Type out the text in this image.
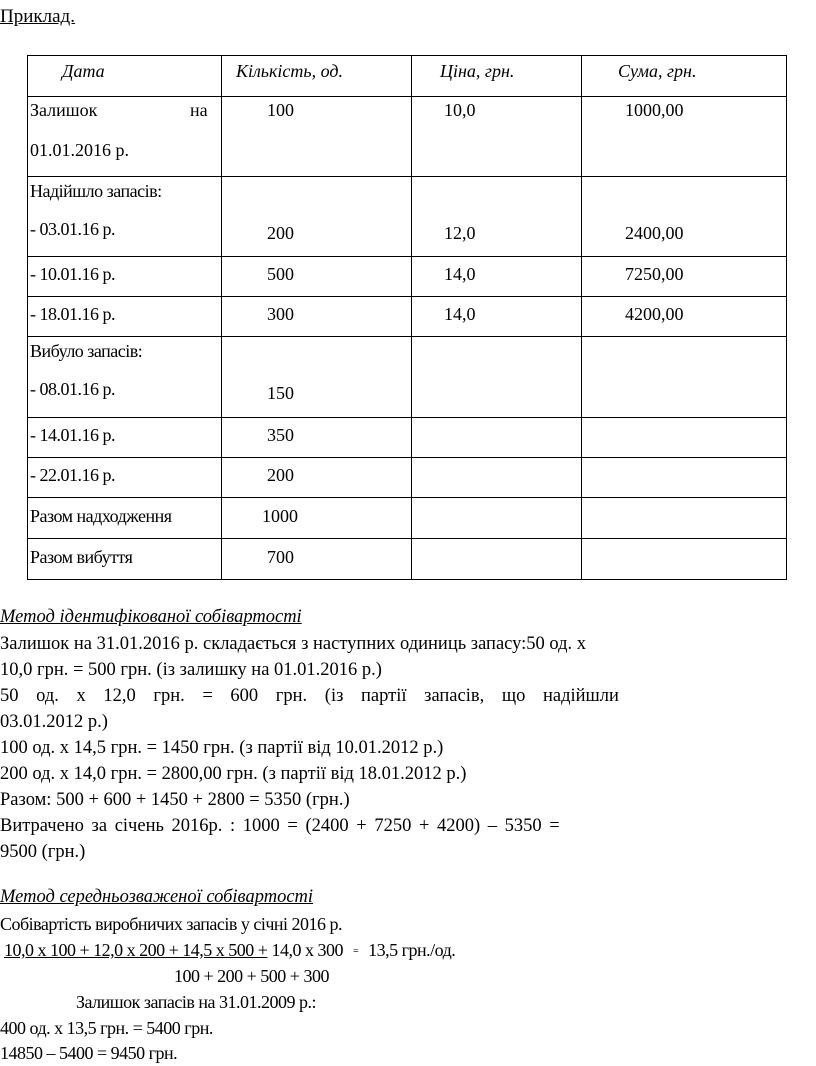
Приклад.
Дата	Кількість, од.	Ціна, грн.	Сума, грн.

Залишок на
01.01.2016 р.	100	10,0	1000,00

Надійшло запасів:
- 03.01.16 р.	200	12,0	2400,00

- 10.01.16 р.	500	14,0	7250,00

- 18.01.16 р.	300	14,0	4200,00

Вибуло запасів:
- 08.01.16 р.	150		

- 14.01.16 р.	350		

- 22.01.16 р.	200		

Разом надходження	1000		

Разом вибуття	700		

Метод ідентифікованої собівартості
Залишок на 31.01.2016 р. складається з наступних одиниць запасу:50 од. х
10,0 грн. = 500 грн. (із залишку на 01.01.2016 р.)
50 од. х 12,0 грн. = 600 грн. (із партії запасів, що надійшли
03.01.2012 р.)
100 од. х 14,5 грн. = 1450 грн. (з партії від 10.01.2012 р.)
200 од. х 14,0 грн. = 2800,00 грн. (з партії від 18.01.2012 р.)
Разом: 500 + 600 + 1450 + 2800 = 5350 (грн.)
Витрачено за січень 2016р. : 1000 = (2400 + 7250 + 4200) – 5350 =
9500 (грн.)
Метод середньозваженої собівартості
Собівартість виробничих запасів у січні 2016 р.
10,0 х 100 + 12,0 х 200 + 14,5 х 500 + 14,0 х 300 = 13,5 грн./од.
100 + 200 + 500 + 300
Залишок запасів на 31.01.2009 р.:
400 од. х 13,5 грн. = 5400 грн.
14850 – 5400 = 9450 грн.
